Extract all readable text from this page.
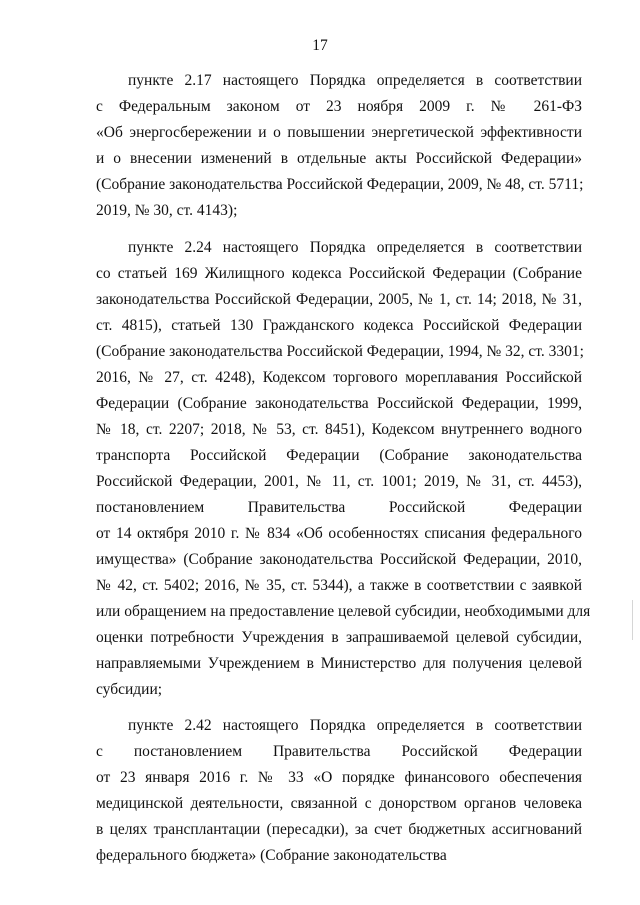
17
пункте 2.17 настоящего Порядка определяется в соответствии
с Федеральным законом от 23 ноября 2009 г. № 261-ФЗ
«Об энергосбережении и о повышении энергетической эффективности
и о внесении изменений в отдельные акты Российской Федерации»
(Собрание законодательства Российской Федерации, 2009, № 48, ст. 5711;
2019, № 30, ст. 4143);
пункте 2.24 настоящего Порядка определяется в соответствии
со статьей 169 Жилищного кодекса Российской Федерации (Собрание
законодательства Российской Федерации, 2005, № 1, ст. 14; 2018, № 31,
ст. 4815), статьей 130 Гражданского кодекса Российской Федерации
(Собрание законодательства Российской Федерации, 1994, № 32, ст. 3301;
2016, № 27, ст. 4248), Кодексом торгового мореплавания Российской
Федерации (Собрание законодательства Российской Федерации, 1999,
№ 18, ст. 2207; 2018, № 53, ст. 8451), Кодексом внутреннего водного
транспорта Российской Федерации (Собрание законодательства
Российской Федерации, 2001, № 11, ст. 1001; 2019, № 31, ст. 4453),
постановлением Правительства Российской Федерации
от 14 октября 2010 г. № 834 «Об особенностях списания федерального
имущества» (Собрание законодательства Российской Федерации, 2010,
№ 42, ст. 5402; 2016, № 35, ст. 5344), а также в соответствии с заявкой
или обращением на предоставление целевой субсидии, необходимыми для
оценки потребности Учреждения в запрашиваемой целевой субсидии,
направляемыми Учреждением в Министерство для получения целевой
субсидии;
пункте 2.42 настоящего Порядка определяется в соответствии
с постановлением Правительства Российской Федерации
от 23 января 2016 г. № 33 «О порядке финансового обеспечения
медицинской деятельности, связанной с донорством органов человека
в целях трансплантации (пересадки), за счет бюджетных ассигнований
федерального бюджета» (Собрание законодательства
